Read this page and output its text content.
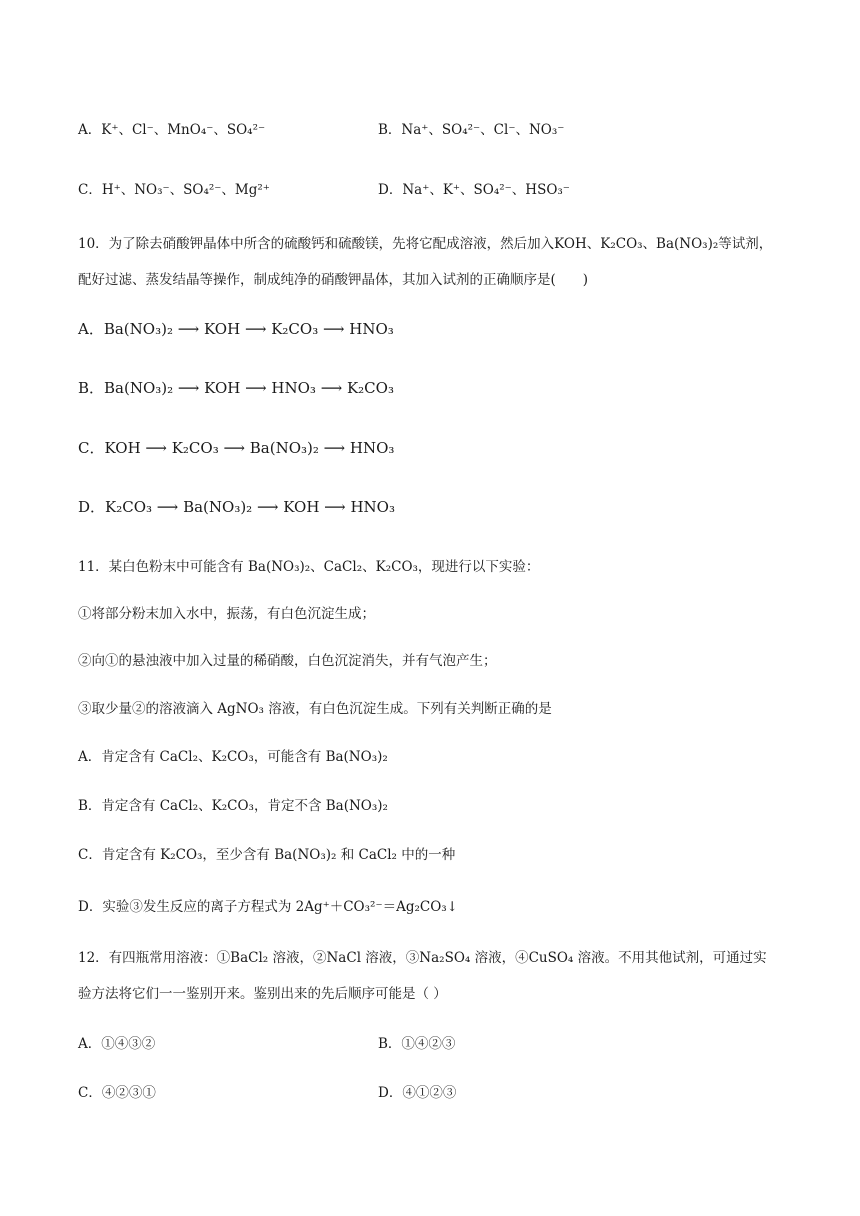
A．K⁺、Cl⁻、MnO₄⁻、SO₄²⁻	B．Na⁺、SO₄²⁻、Cl⁻、NO₃⁻
C．H⁺、NO₃⁻、SO₄²⁻、Mg²⁺	D．Na⁺、K⁺、SO₄²⁻、HSO₃⁻
10．为了除去硝酸钾晶体中所含的硫酸钙和硫酸镁，先将它配成溶液，然后加入KOH、K₂CO₃、Ba(NO₃)₂等试剂，配好过滤、蒸发结晶等操作，制成纯净的硝酸钾晶体，其加入试剂的正确顺序是(　　)
A．Ba(NO₃)₂ ⟶ KOH ⟶ K₂CO₃ ⟶ HNO₃
B．Ba(NO₃)₂ ⟶ KOH ⟶ HNO₃ ⟶ K₂CO₃
C．KOH ⟶ K₂CO₃ ⟶ Ba(NO₃)₂ ⟶ HNO₃
D．K₂CO₃ ⟶ Ba(NO₃)₂ ⟶ KOH ⟶ HNO₃
11．某白色粉末中可能含有 Ba(NO₃)₂、CaCl₂、K₂CO₃，现进行以下实验：
①将部分粉末加入水中，振荡，有白色沉淀生成；
②向①的悬浊液中加入过量的稀硝酸，白色沉淀消失，并有气泡产生；
③取少量②的溶液滴入 AgNO₃ 溶液，有白色沉淀生成。下列有关判断正确的是
A．肯定含有 CaCl₂、K₂CO₃，可能含有 Ba(NO₃)₂
B．肯定含有 CaCl₂、K₂CO₃，肯定不含 Ba(NO₃)₂
C．肯定含有 K₂CO₃，至少含有 Ba(NO₃)₂ 和 CaCl₂ 中的一种
D．实验③发生反应的离子方程式为 2Ag⁺＋CO₃²⁻＝Ag₂CO₃↓
12．有四瓶常用溶液：①BaCl₂ 溶液，②NaCl 溶液，③Na₂SO₄ 溶液，④CuSO₄ 溶液。不用其他试剂，可通过实验方法将它们一一鉴别开来。鉴别出来的先后顺序可能是（ ）
A．①④③②	B．①④②③
C．④②③①	D．④①②③
